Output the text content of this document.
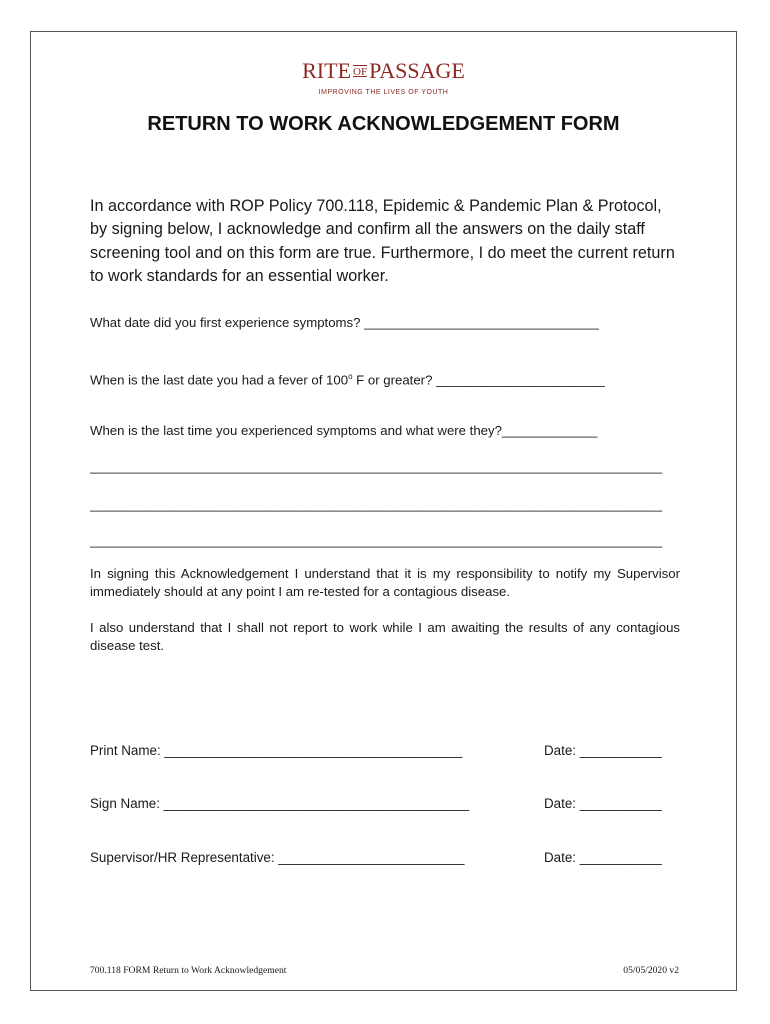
RITE OFPASSAGE
IMPROVING THE LIVES OF YOUTH
RETURN TO WORK ACKNOWLEDGEMENT FORM

In accordance with ROP Policy 700.118, Epidemic & Pandemic Plan & Protocol, by signing below, I acknowledge and confirm all the answers on the daily staff screening tool and on this form are true. Furthermore, I do meet the current return to work standards for an essential worker.

What date did you first experience symptoms? ________________________________

When is the last date you had a fever of 100$^o$ F or greater? _______________________

When is the last time you experienced symptoms and what were they?_____________

______________________________________________________________________________

______________________________________________________________________________

______________________________________________________________________________

In signing this Acknowledgement I understand that it is my responsibility to notify my Supervisor immediately should at any point I am re-tested for a contagious disease.

I also understand that I shall not report to work while I am awaiting the results of any contagious disease test.

Print Name: ________________________________________	Date: ___________
Sign Name: _________________________________________	Date: ___________
Supervisor/HR Representative: _________________________	Date: ___________
700.118 FORM Return to Work Acknowledgement	05/05/2020 v2
